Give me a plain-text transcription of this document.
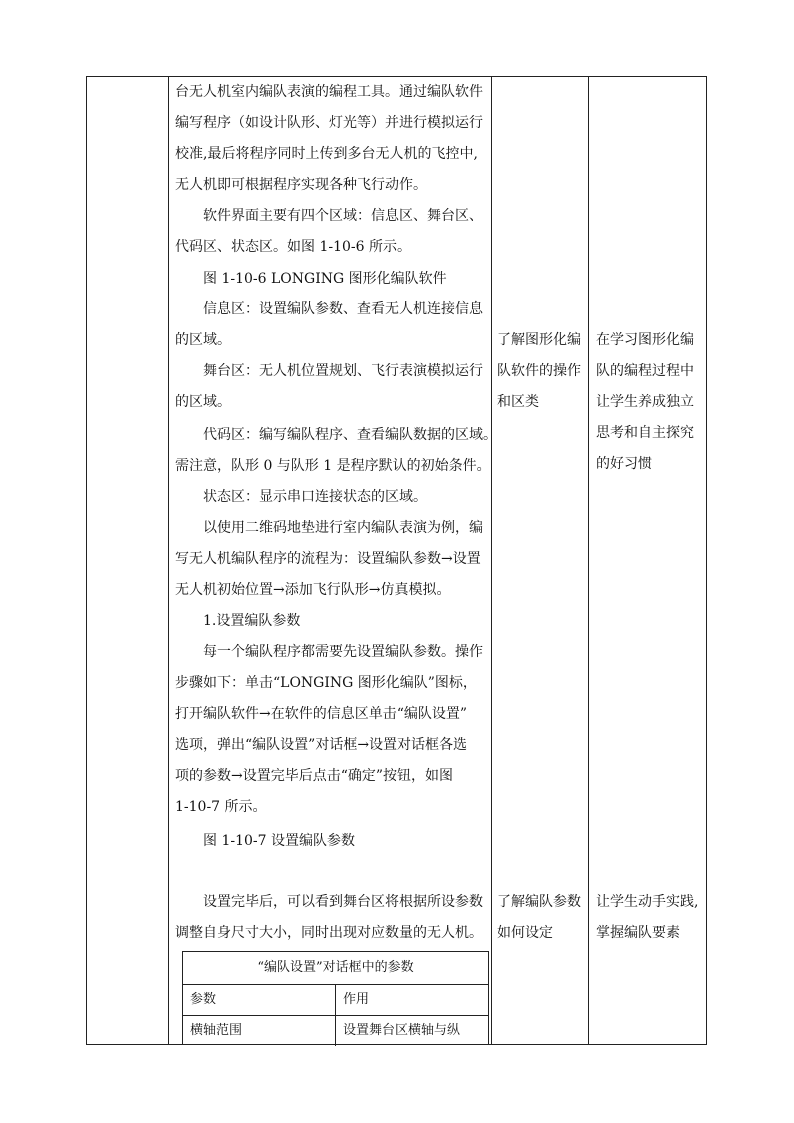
台无人机室内编队表演的编程工具。通过编队软件
编写程序（如设计队形、灯光等）并进行模拟运行
校准,最后将程序同时上传到多台无人机的飞控中,
无人机即可根据程序实现各种飞行动作。
软件界面主要有四个区域：信息区、舞台区、
代码区、状态区。如图 1-10-6 所示。
图 1-10-6 LONGING 图形化编队软件
信息区：设置编队参数、查看无人机连接信息
的区域。
舞台区：无人机位置规划、飞行表演模拟运行
的区域。
代码区：编写编队程序、查看编队数据的区域。
需注意，队形 0 与队形 1 是程序默认的初始条件。
状态区：显示串口连接状态的区域。
以使用二维码地垫进行室内编队表演为例，编
写无人机编队程序的流程为：设置编队参数→设置
无人机初始位置→添加飞行队形→仿真模拟。
1.设置编队参数
每一个编队程序都需要先设置编队参数。操作
步骤如下：单击“LONGING 图形化编队”图标，
打开编队软件→在软件的信息区单击“编队设置”
选项，弹出“编队设置”对话框→设置对话框各选
项的参数→设置完毕后点击“确定”按钮，如图
1-10-7 所示。
图 1-10-7 设置编队参数
设置完毕后，可以看到舞台区将根据所设参数
调整自身尺寸大小，同时出现对应数量的无人机。
了解图形化编
队软件的操作
和区类
了解编队参数
如何设定
在学习图形化编
队的编程过程中
让学生养成独立
思考和自主探究
的好习惯
让学生动手实践,
掌握编队要素
“编队设置”对话框中的参数
参数	作用
横轴范围	设置舞台区横轴与纵
